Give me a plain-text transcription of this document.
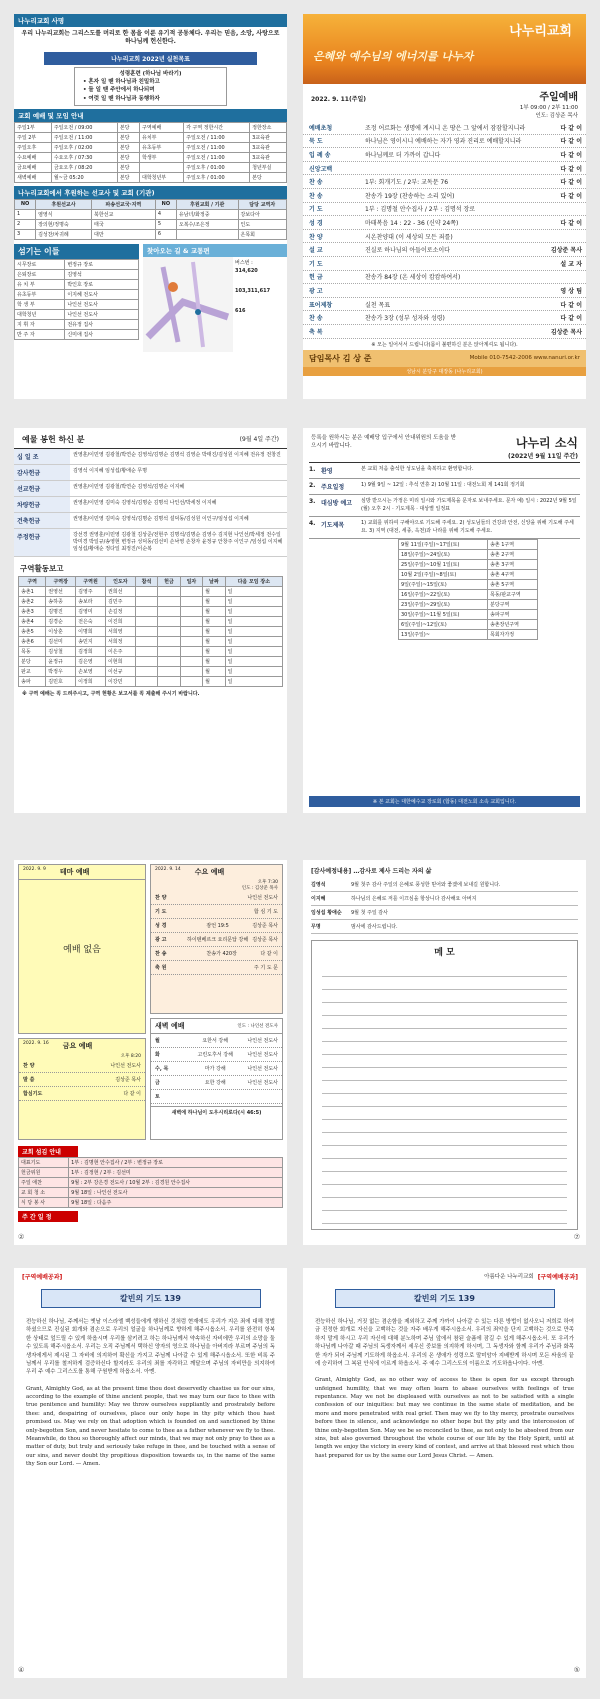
나누리교회 사명
우리 나누리교회는 그리스도를 머리로 한 몸을 이룬 유기적 공동체다. 우리는 믿음, 소망, 사랑으로 하나님께 헌신한다.
나누리교회 2022년 실천목표
성령훈련 (하나님 바라기)
• 혼자 일 땐 하나님과 친밀하고
• 둘 일 땐 주안에서 하나되며
• 여럿 일 땐 하나님과 동행하자
교회 예배 및 모임 안내
주일1부	주일오전 / 09:00	본당	구역예배	각 구역 정한시간	정한장소
주일 2부	주일오전 / 11:00	본당	유치부	주일오전 / 11:00	3교육관
주일오후	주일오후 / 02:00	본당	유초등부	주일오전 / 11:00	3교육관
수요예배	수요오후 / 07:30	본당	학생부	주일오전 / 11:00	3교육관
금요예배	금요오후 / 08:20	본당		주일오후 / 01:00	청년부실
새벽예배	월~금 05:20	본당	대학청년부	주일오후 / 01:00	본당
나누리교회에서 후원하는 선교사 및 교회 (기관)
NO	후원선교사	파송선교국·지역	NO	후원교회 / 기관	담당 교역자
1	염영식	북한선교	4	유남녀/화정중	강보다아
2	장의현/정명숙	태국	5	오복수/조은정	인도
3	김성찬/차귀례	대만	6		온목회
섬기는 이들
시무장로	변정규 장로
은퇴장로	김영석
유 치 부	박인호 장로
유초등부	이지혜 전도사
학 생 부	나인선 전도사
대학청년	나인선 전도사
지 휘 자	전유정 집사
반 주 자	신미애 집사
찾아오는 길 & 교통편
버스번 :
314,620
103,311,617
616
나누리교회
은혜와 예수님의 에너지를 나누자
2022. 9. 11(주일)	주일예배
1부 09:00 / 2부 11:00
인도: 김상준 목사
예배초청	조정 어르화는 생명에 계시니 온 땅은 그 앞에서 잠잠할지니라	다 같 이
묵 도	하나님은 영이시니 예배하는 자가 영과 진리로 예배할지니라	다 같 이
입 례 송	하나님께로 더 가까이 갑니다	다 같 이
신앙고백	다 같 이
찬 송	1부: 회개기도 / 2부: 교독문 76	다 같 이
찬 송	찬송가 19장 (찬송하는 소리 있어)	다 같 이
기 도	1부 : 김명철 안수집사 / 2부 : 김명석 장로
성 경	마태복음 14 : 22 - 36 (신약 24쪽)	다 같 이
찬 양	시온찬양대 (이 세상의 모든 죄를)
설 교	진실로 하나님의 아들이로소이다	김상준 목사
기 도	설 교 자
헌 금	찬송가 84장 (온 세상이 캄캄하여서)
광 고	영 상 팀
표어제창	실천 목표	다 같 이
찬 송	찬송가 3장 (성부 성자와 성령)	다 같 이
축 복	김상준 목사
※ 모는 일어서서 드립니다(몸이 불편하신 분은 앉아계셔도 됩니다).
담임목사 김 상 준	Mobile 010-7542-2006 www.nanuri.or.kr
성남시 분당구 대장동 (나누리교회)
예물 봉헌 하신 분	(9월 4일 주간)
십 일 조	권영훈/이민영 김광철/박연순 김영석/김명순 김명석 김영순 박태진/김성원 이지혜 전유정 전창진
감사헌금	김영석 이지혜 임성섭/황애순 무명
선교헌금	권영훈/이민영 김광철/박연순 김영석/김명순 이지혜
차량헌금	권영훈/이민영 김미숙 김영석/김명순 김명석 나인선/박세정 이지혜
건축헌금	권영훈/이민영 김미숙 김영석/김명순 김명석 설덕동/김성원 이인구/임성섭 이지혜
주정헌금	강선경 권영훈/이민영 김광철 김상준/전현주 김명석/김명순 김영수 김지현 나인선/박세정 전수일 박미경 박일규/송영현 변정규 성덕동/김선미 손낙영 손창자 윤정규 안창주 이인구 /임성섭 이지혜 임성섭/황애순 정다일 최정진/이순복
구역활동보고
구역	구역장	구역원	인도자	참석	헌금	일자	날짜	다음 모임 장소
송촌1	권영선	김영주	권희선				월	일
송촌2	송하종	송보라	김민주				월	일
송촌3	김명진	김영미	손길정				월	일
송촌4	김경순	전은숙	이진희				월	일
송촌5	이상훈	이명희	서희영				월	일
송촌6	김선미	송민지	서희정				월	일
목동	김성철	김정희	이은주				월	일
분당	윤정규	김은영	이현희				월	일
판교	박정우	손보영	이선규				월	일
송파	김민호	이정희	이강민				월	일
※ 구역 예배는 꼭 드려주시고, 구역 현황은 보고서를 꼭 제출해 주시기 바랍니다.
등록을 원하시는 분은 예배당 입구에서 안내위원의 도움을 받으시기 바랍니다.	나누리 소식
(2022년 9월 11일 주간)
1. 환영	본 교회 처음 출석한 성도님을 축복하고 환영합니다.
2. 주요일정	1) 9월 9일 ~ 12일 : 추석 연휴 2) 10월 11일 : 대전노회 제 141회 정기회
3. 대심방 예고	심방 받으시는 가정은 미리 일시와 가도제목을 문자로 보내주세요. 문자 예) 일시 : 2022년 9월 5일(월) 오후 2시 · 기도제목 · 대상별 일정표
4. 기도제목	1) 교회를 위하여 구해야으로 기도해 주세요. 2) 성도님들의 건강과 안전, 신앙을 위해 기도해 주세요. 3) 지역 (대전, 세종, 옥천)과 나라를 위해 기도해 주세요.
9월 11일(주일)~17일(토)	송촌 1구역
18일(주일)~24일(토)	송촌 2구역
25일(주일)~10월 1일(토)	송촌 3구역
10월 2일(주일)~8일(토)	송촌 4구역
9일(주일)~15일(토)	송촌 5구역
16일(주일)~22일(토)	목동/판교구역
23일(주일)~29일(토)	분당구역
30일(주일)~11월 5일(토)	송파구역
6일(주일)~12일(토)	송촌장년구역
13일(주일)~	목회자가정
※ 본 교회는 대한예수교 장로회 (합동) 대전노회 소속 교회입니다.
2022. 9. 9 테마 예배
예배 없음
2022. 9. 14 수요 예배
오후 7:30
인도 : 김상준 목사
찬 양	나인선 전도사
기 도	합 심 기 도
성 경	잠언 19:5	김상준 목사
광 고	하이텐베르크 요리문답 강해 김상준 목사
찬 송	찬송가 420장	다 같 이
축 원	주 기 도 문
2022. 9. 16 금요 예배
오후 8:20
찬 양	나인선 전도사
말 씀	김상준 목사
합심기도	다 같 이
새벽 예배	인도 : 나인선 전도사
월	요한서 강해	나인선 전도사
화	고린도후서 강해	나인선 전도사
수, 목	마가 강해	나인선 전도사
금	요한 강해	나인선 전도사
토
새벽에 하나님이 도우시리로다(시 46:5)
교회 섬김 안내
대표기도	1부 : 김명현 안수집사 / 2부 : 변정규 장로
헌금위원	1부 : 김정현 / 2부 : 김선미
주일 애찬	9월 : 2부 강은경 전도사 / 10월 2부 : 김경원 안수집사
교 회 청 소	9월 18일 : 나인선 전도사
식 당 봉 사	9월 18일 : 다음주
주 간 일 정
②
[감사예정내용] …감사로 제사 드리는 자의 삶
김영석	9월 첫주 감사 주일의 은혜로 풍성한 믿어와 좋겠에 보내길 원합니다.
이지혜	하나님의 은혜로 저를 이끄심을 항상니다 감사해요 아버지
임성섭 황애순	9월 첫 주일 감사
무명	범사에 감사드립니다.
메 모
⑦
[구역예배공과]
칼빈의 기도 139
전능하신 하나님, 주께서는 옛날 이스라엘 백성들에게 행하신 것처럼 현재에도 우리가 지은 죄에 대해 정벌하셨으므로 진실된 회개와 겸손으로 우리의 얼굴을 하나님께로 향하게 해주시옵소서. 우리를 완전히 항복한 상태로 엎드릴 수 있게 하옵시며 우리를 삼키려고 하는 하나님께서 약속하신 자비에만 우리의 소망을 둘 수 있도록 해주시옵소서. 우리는 오직 주님께서 택하신 양자의 영으로 하나님을 아버지라 부르며 주님의 독생자에게서 제시된 그 자비에 의지하여 확신을 가지고 주님께 나아갈 수 있게 해주시옵소서. 또한 비록 주님께서 우리를 철저하게 검증하신다 할지라도 우리의 죄를 자각하고 깨달으며 주님의 자비만을 의지하여 우리 주 예수 그리스도를 통해 구원받게 하옵소서. 아멘.
Grant, Almighty God, as at the present time thou dost deservedly chastise us for our sins, according to the example of thine ancient people, that we may turn our face to thee with true penitence and humility: May we throw ourselves suppliantly and prostrately before thee: and, despairing of ourselves, place our only hope in thy pity which thou hast promised us. May we rely on that adoption which is founded on and sanctioned by thine only-begotten Son, and never hesitate to come to thee as a father whenever we fly to thee. Meanwhile, do thou so thoroughly affect our minds, that we may not only pray to thee as a matter of duty, but truly and seriously take refuge in thee, and be touched with a sense of our sins, and never doubt thy propitious disposition towards us, in the name of the same thy Son our Lord. — Amen.
④
아름다운 나누리교회 [구역예배공과]
칼빈의 기도 139
전능하신 하나님, 거짓 없는 겸손함을 제외하고 주께 가까이 나아갈 수 있는 다른 방법이 없사오니 저희로 하여금 진정한 회개로 자신을 고백하는 것을 자주 배우게 해주시옵소서. 우리의 죄악을 단지 고백하는 것으로 만족하지 말게 하시고 우리 자신에 대해 분노하며 주님 앞에서 참된 슬픔에 잠길 수 있게 해주시옵소서. 또 우리가 하나님께 나아갈 때 주님의 독생자께서 세우신 중보를 의지하게 하시며, 그 독생자와 함께 우리가 주님과 화목한 자가 되어 주님께 기도하게 하옵소서. 우리의 온 생애가 성령으로 말미암아 지배받게 하시며 모든 싸움의 끝에 승리하여 그 복된 안식에 이르게 하옵소서. 주 예수 그리스도의 이름으로 기도하옵나이다. 아멘.
Grant, Almighty God, as no other way of access to thee is open for us except through unfeigned humility, that we may often learn to abase ourselves with feelings of true repentance. May we not be displeased with ourselves as not to be satisfied with a single confession of our iniquities: but may we continue in the same state of meditation, and be more and more penetrated with real grief. Then may we fly to thy mercy, prostrate ourselves before thee in silence, and acknowledge no other hope but thy pity and the intercession of thine only-begotten Son. May we be so reconciled to thee, as not only to be absolved from our sins, but also governed throughout the whole course of our life by the Holy Spirit, until at length we enjoy the victory in every kind of contest, and arrive at that blessed rest which thou hast prepared for us by the same our Lord Jesus Christ. — Amen.
⑤
